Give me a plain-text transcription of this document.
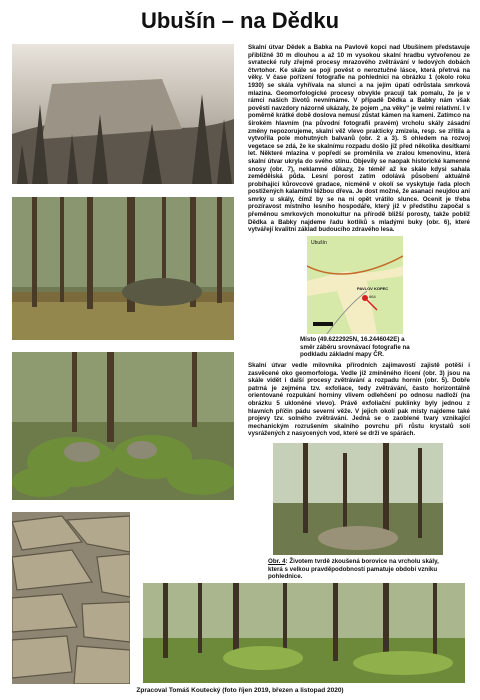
Ubušín – na Dědku

Skalní útvar Dědek a Babka na Pavlově kopci nad Ubušínem představuje přibližně 30 m dlouhou a až 10 m vysokou skalní hradbu vytvořenou ze svratecké ruly zřejmě procesy mrazového zvětrávání v ledových dobách čtvrtohor. Ke skále se pojí pověst o neroztučné lásce, která přetrvá na věky. V čase pořízení fotografie na pohlednici na obrázku 1 (okolo roku 1930) se skála vyhřívala na slunci a na jejím úpatí odrůstala smrková mlazina. Geomorfologické procesy obvykle pracují tak pomalu, že je v rámci našich životů nevnímáme. V případě Dědka a Babky nám však pověsti navzdory názorně ukázaly, že pojem „na věky" je velmi relativní. I v poměrně krátké době doslova nemusí zůstat kámen na kameni. Zatímco na širokém hlavním (na původní fotografii pravém) vrcholu skály zásadní změny nepozorujeme, skalní věž vlevo prakticky zmizela, resp. se zřítila a vytvořila pole mohutných balvanů (obr. 2 a 3). S ohledem na rozvoj vegetace se zdá, že ke skalnímu rozpadu došlo již před několika desítkami let. Některé mlazina v popředí se proměnila ve zralou kmenovinu, která skalní útvar ukryla do svého stínu. Objevily se naopak historické kamenné snosy (obr. 7), neklamné důkazy, že téměř až ke skále kdysi sahala zemědělská půda. Lesní porost zatím odolává působení aktuálně probíhající kůrovcové gradace, nicméně v okolí se vyskytuje řada ploch postižených kalamitní těžbou dřeva. Je dost možné, že asanaci neujdou ani smrky u skály, čímž by se na ni opět vrátilo slunce. Ocenit je třeba prozíravost místního lesního hospodáře, který již v předstihu započal s přeměnou smrkových monokultur na přírodě bližší porosty, takže poblíž Dědka a Babky najdeme řadu kotlíků s mladými buky (obr. 6), které vytvářejí kvalitní základ budoucího zdravého lesa.

Ubušín
PAVLOV KOPEC
664
Místo (49.6222925N, 16.2446042E) a směr záběru srovnávací fotografie na podkladu základní mapy ČR.

Skalní útvar vedle milovníka přírodních zajímavostí zajistě potěší i zasvěcené oko geomorfologa. Vedle již zmíněného řícení (obr. 3) jsou na skále vidět i další procesy zvětrávání a rozpadu hornin (obr. 5). Dobře patrná je zejména tzv. exfoliace, tedy zvětrávání, často horizontálně orientované rozpukání horniny vlivem odlehčení po odnosu nadloží (na obrázku 5 ukloněné vlevo). Právě exfoliační puklinky byly jednou z hlavních příčin pádu severní věže. V jejich okolí pak místy najdeme také projevy tzv. solného zvětrávání. Jedná se o zaoblené tvary vznikající mechanickým rozrušením skalního povrchu při růstu krystalů solí vysrážených z nasycených vod, které se drží ve spárách.

Obr. 4: Životem tvrdě zkoušená borovice na vrcholu skály, která s velkou pravděpodobností pamatuje období vzniku pohlednice.
Zpracoval Tomáš Koutecký (foto říjen 2019, březen a listopad 2020)
